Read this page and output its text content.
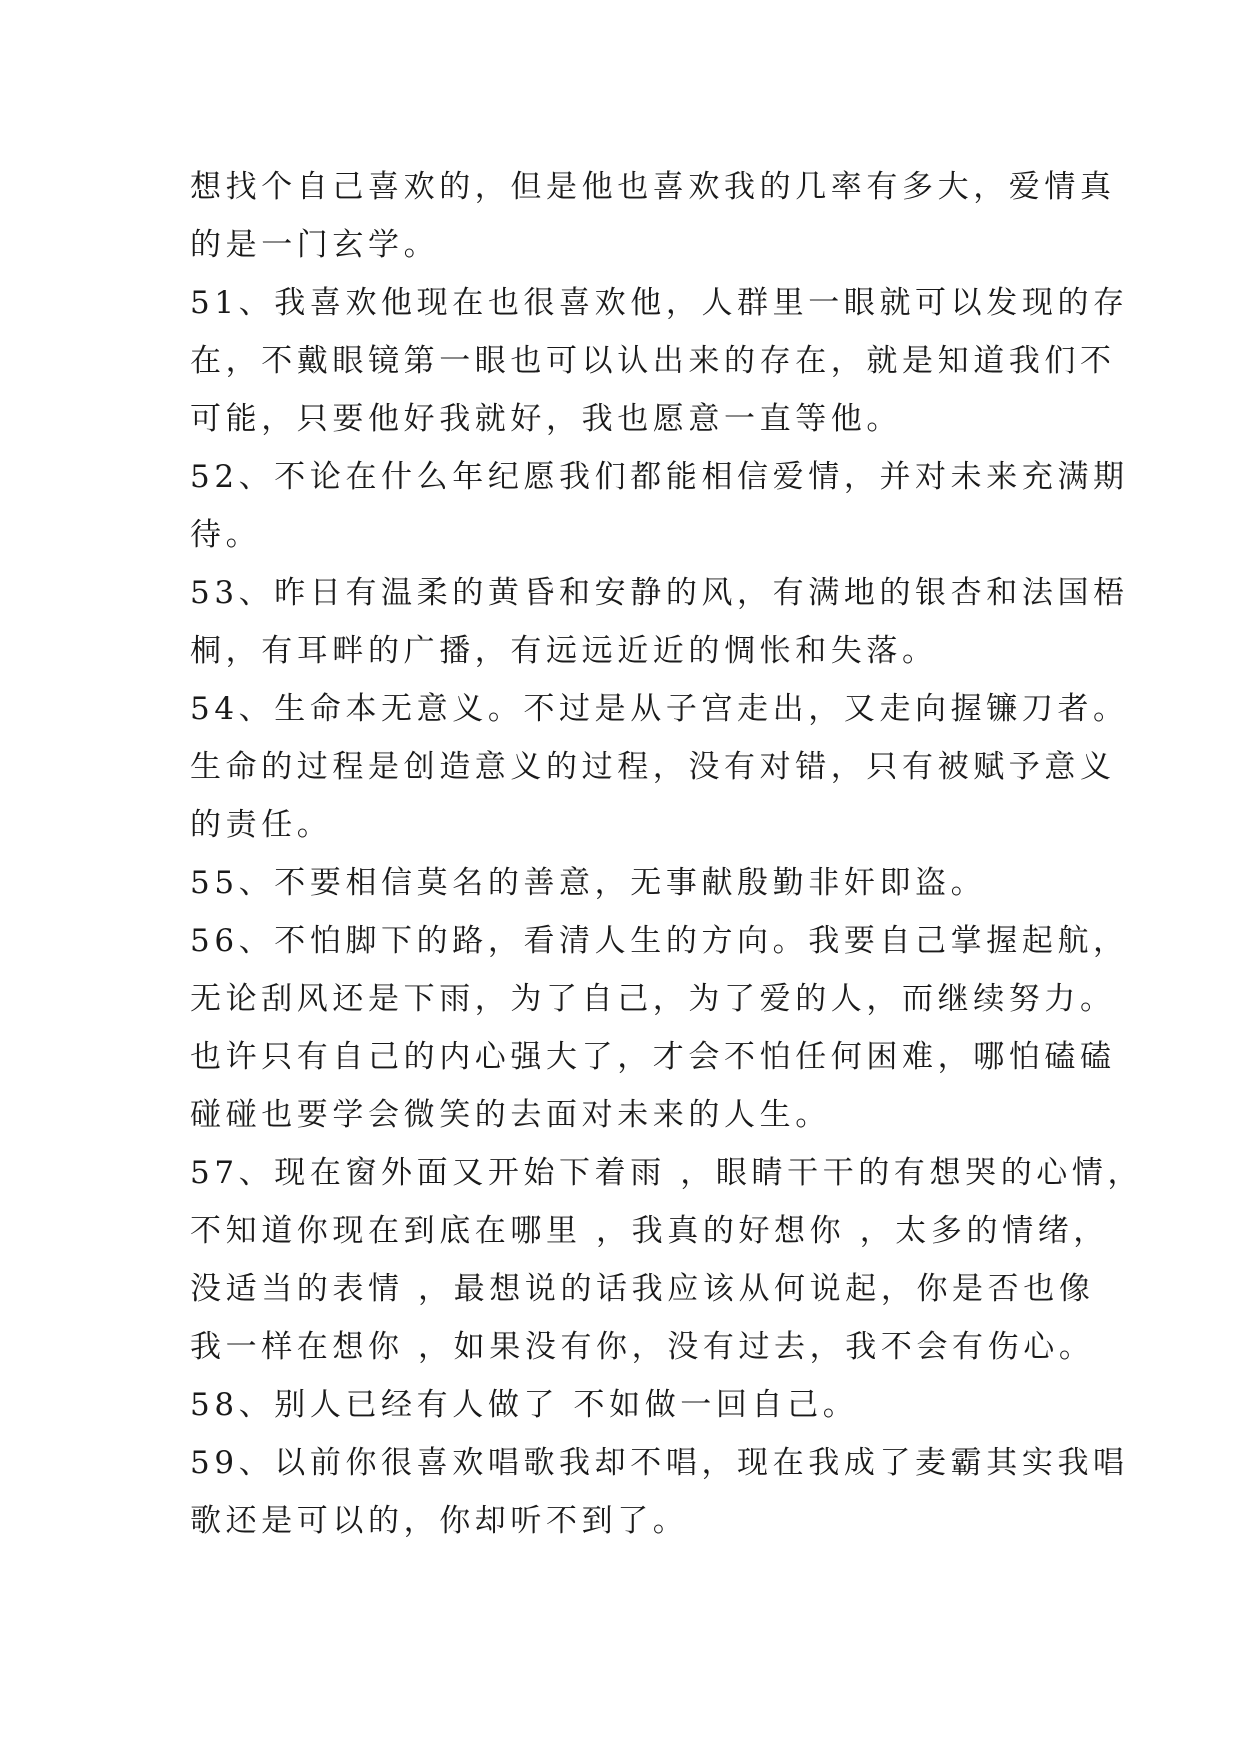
想找个自己喜欢的，但是他也喜欢我的几率有多大，爱情真
的是一门玄学。
51、我喜欢他现在也很喜欢他，人群里一眼就可以发现的存
在，不戴眼镜第一眼也可以认出来的存在，就是知道我们不
可能，只要他好我就好，我也愿意一直等他。
52、不论在什么年纪愿我们都能相信爱情，并对未来充满期
待。
53、昨日有温柔的黄昏和安静的风，有满地的银杏和法国梧
桐，有耳畔的广播，有远远近近的惆怅和失落。
54、生命本无意义。不过是从子宫走出，又走向握镰刀者。
生命的过程是创造意义的过程，没有对错，只有被赋予意义
的责任。
55、不要相信莫名的善意，无事献殷勤非奸即盗。
56、不怕脚下的路，看清人生的方向。我要自己掌握起航，
无论刮风还是下雨，为了自己，为了爱的人，而继续努力。
也许只有自己的内心强大了，才会不怕任何困难，哪怕磕磕
碰碰也要学会微笑的去面对未来的人生。
57、现在窗外面又开始下着雨 ，眼睛干干的有想哭的心情，
不知道你现在到底在哪里 ，我真的好想你 ，太多的情绪，
没适当的表情 ，最想说的话我应该从何说起，你是否也像
我一样在想你 ，如果没有你，没有过去，我不会有伤心。
58、别人已经有人做了 不如做一回自己。
59、以前你很喜欢唱歌我却不唱，现在我成了麦霸其实我唱
歌还是可以的，你却听不到了。
